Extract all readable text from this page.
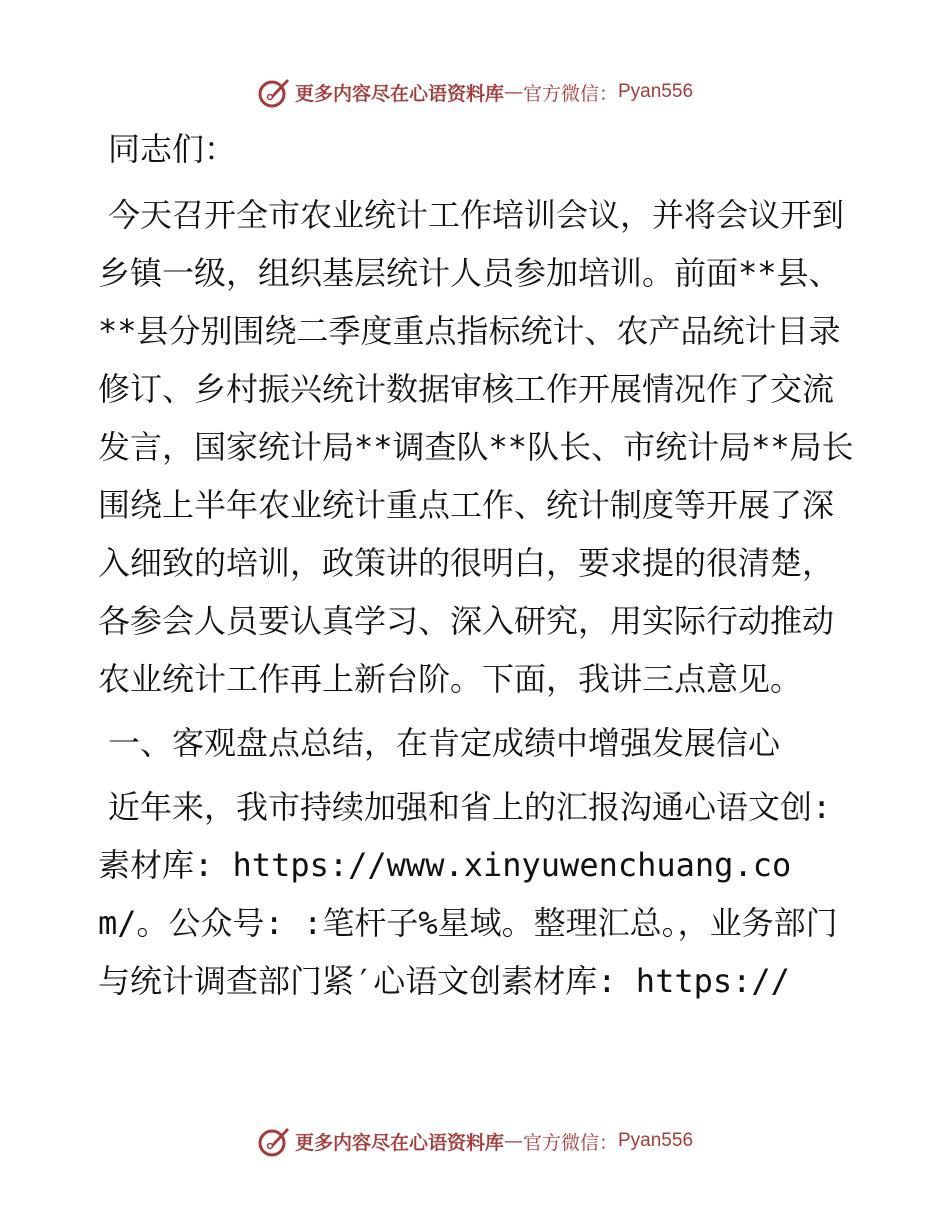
更多内容尽在心语资料库 — 官方微信： Pyan556

同志们：

今天召开全市农业统计工作培训会议，并将会议开到乡镇一级，组织基层统计人员参加培训。前面**县、**县分别围绕二季度重点指标统计、农产品统计目录修订、乡村振兴统计数据审核工作开展情况作了交流发言，国家统计局**调查队**队长、市统计局**局长围绕上半年农业统计重点工作、统计制度等开展了深入细致的培训，政策讲的很明白，要求提的很清楚，各参会人员要认真学习、深入研究，用实际行动推动农业统计工作再上新台阶。下面，我讲三点意见。

一、客观盘点总结，在肯定成绩中增强发展信心

近年来，我市持续加强和省上的汇报沟通心语文创:素材库: https://www.xinyuwenchuang.com/。公众号: :笔杆子%星域。整理汇总。，业务部门与统计调查部门紧′心语文创素材库: https://

更多内容尽在心语资料库 — 官方微信： Pyan556
